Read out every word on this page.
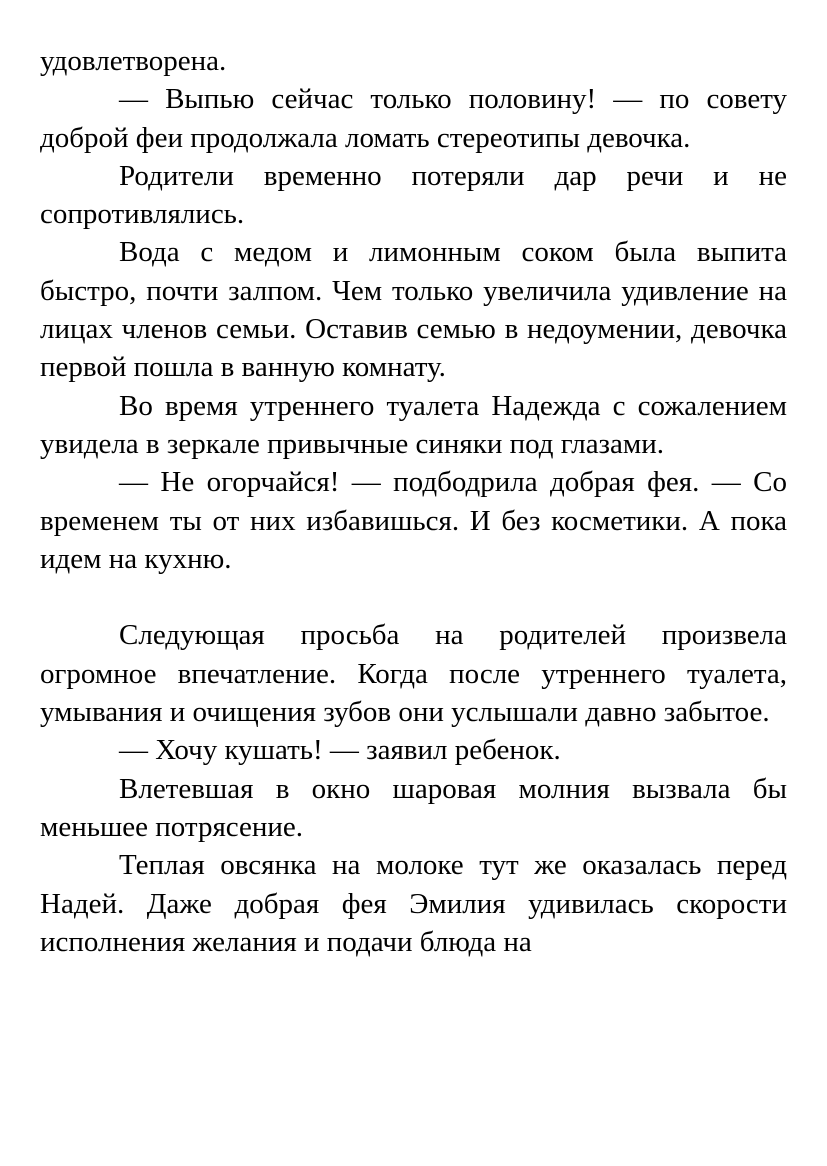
удовлетворена.

— Выпью сейчас только половину! — по совету доброй феи продолжала ломать стереотипы девочка.

Родители временно потеряли дар речи и не сопротивлялись.

Вода с медом и лимонным соком была выпита быстро, почти залпом. Чем только увеличила удивление на лицах членов семьи. Оставив семью в недоумении, девочка первой пошла в ванную комнату.

Во время утреннего туалета Надежда с сожалением увидела в зеркале привычные синяки под глазами.

— Не огорчайся! — подбодрила добрая фея. — Со временем ты от них избавишься. И без косметики. А пока идем на кухню.

Следующая просьба на родителей произвела огромное впечатление. Когда после утреннего туалета, умывания и очищения зубов они услышали давно забытое.

— Хочу кушать! — заявил ребенок.

Влетевшая в окно шаровая молния вызвала бы меньшее потрясение.

Теплая овсянка на молоке тут же оказалась перед Надей. Даже добрая фея Эмилия удивилась скорости исполнения желания и подачи блюда на
